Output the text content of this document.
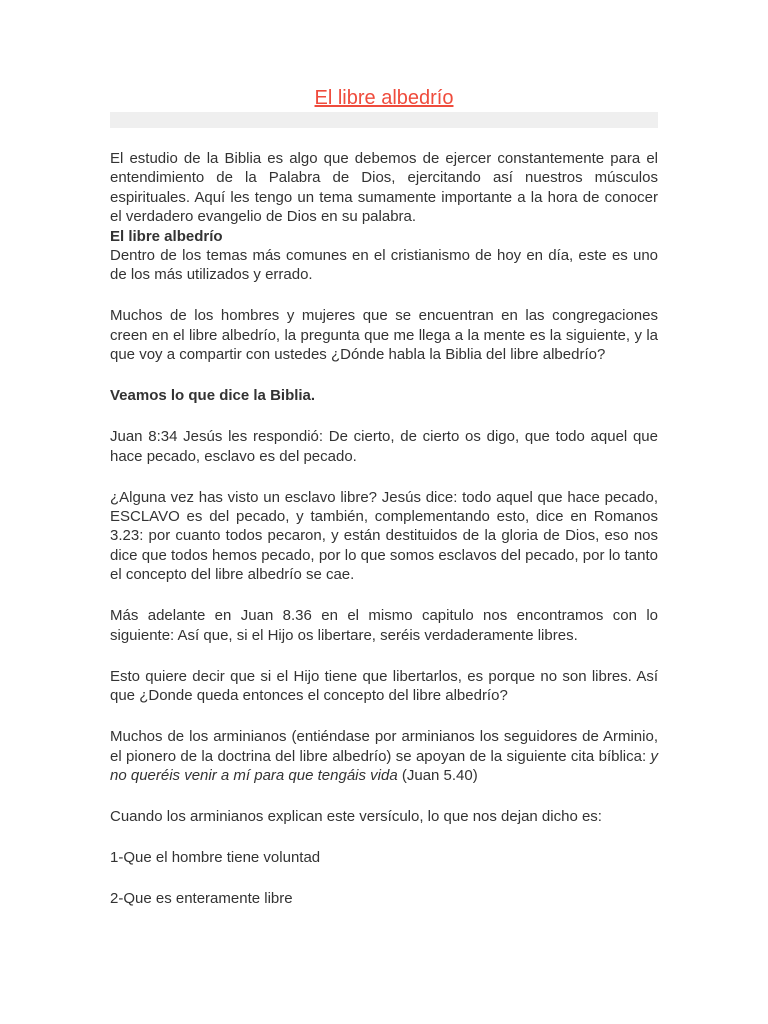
El libre albedrío

El estudio de la Biblia es algo que debemos de ejercer constantemente para el entendimiento de la Palabra de Dios, ejercitando así nuestros músculos espirituales. Aquí les tengo un tema sumamente importante a la hora de conocer el verdadero evangelio de Dios en su palabra.

El libre albedrío

Dentro de los temas más comunes en el cristianismo de hoy en día, este es uno de los más utilizados y errado.

Muchos de los hombres y mujeres que se encuentran en las congregaciones creen en el libre albedrío, la pregunta que me llega a la mente es la siguiente, y la que voy a compartir con ustedes ¿Dónde habla la Biblia del libre albedrío?

Veamos lo que dice la Biblia.

Juan 8:34 Jesús les respondió: De cierto, de cierto os digo, que todo aquel que hace pecado, esclavo es del pecado.

¿Alguna vez has visto un esclavo libre? Jesús dice: todo aquel que hace pecado, ESCLAVO es del pecado, y también, complementando esto, dice en Romanos 3.23: por cuanto todos pecaron, y están destituidos de la gloria de Dios, eso nos dice que todos hemos pecado, por lo que somos esclavos del pecado, por lo tanto el concepto del libre albedrío se cae.

Más adelante en Juan 8.36 en el mismo capitulo nos encontramos con lo siguiente: Así que, si el Hijo os libertare, seréis verdaderamente libres.

Esto quiere decir que si el Hijo tiene que libertarlos, es porque no son libres. Así que ¿Donde queda entonces el concepto del libre albedrío?

Muchos de los arminianos (entiéndase por arminianos los seguidores de Arminio, el pionero de la doctrina del libre albedrío) se apoyan de la siguiente cita bíblica: y no queréis venir a mí para que tengáis vida (Juan 5.40)

Cuando los arminianos explican este versículo, lo que nos dejan dicho es:

1-Que el hombre tiene voluntad

2-Que es enteramente libre
